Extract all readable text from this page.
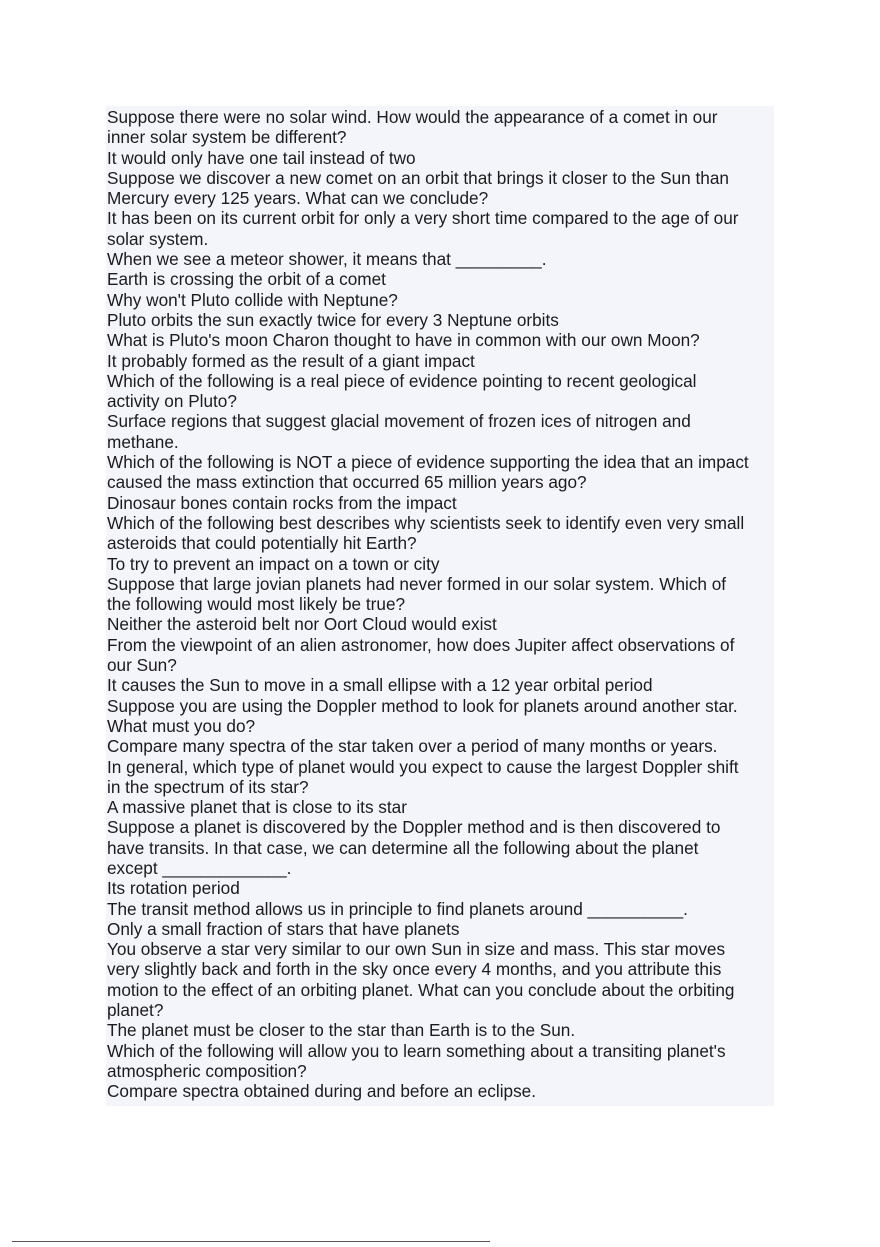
Suppose there were no solar wind. How would the appearance of a comet in our
inner solar system be different?
It would only have one tail instead of two
Suppose we discover a new comet on an orbit that brings it closer to the Sun than
Mercury every 125 years. What can we conclude?
It has been on its current orbit for only a very short time compared to the age of our
solar system.
When we see a meteor shower, it means that _________.
Earth is crossing the orbit of a comet
Why won't Pluto collide with Neptune?
Pluto orbits the sun exactly twice for every 3 Neptune orbits
What is Pluto's moon Charon thought to have in common with our own Moon?
It probably formed as the result of a giant impact
Which of the following is a real piece of evidence pointing to recent geological
activity on Pluto?
Surface regions that suggest glacial movement of frozen ices of nitrogen and
methane.
Which of the following is NOT a piece of evidence supporting the idea that an impact
caused the mass extinction that occurred 65 million years ago?
Dinosaur bones contain rocks from the impact
Which of the following best describes why scientists seek to identify even very small
asteroids that could potentially hit Earth?
To try to prevent an impact on a town or city
Suppose that large jovian planets had never formed in our solar system. Which of
the following would most likely be true?
Neither the asteroid belt nor Oort Cloud would exist
From the viewpoint of an alien astronomer, how does Jupiter affect observations of
our Sun?
It causes the Sun to move in a small ellipse with a 12 year orbital period
Suppose you are using the Doppler method to look for planets around another star.
What must you do?
Compare many spectra of the star taken over a period of many months or years.
In general, which type of planet would you expect to cause the largest Doppler shift
in the spectrum of its star?
A massive planet that is close to its star
Suppose a planet is discovered by the Doppler method and is then discovered to
have transits. In that case, we can determine all the following about the planet
except _____________.
Its rotation period
The transit method allows us in principle to find planets around __________.
Only a small fraction of stars that have planets
You observe a star very similar to our own Sun in size and mass. This star moves
very slightly back and forth in the sky once every 4 months, and you attribute this
motion to the effect of an orbiting planet. What can you conclude about the orbiting
planet?
The planet must be closer to the star than Earth is to the Sun.
Which of the following will allow you to learn something about a transiting planet's
atmospheric composition?
Compare spectra obtained during and before an eclipse.
